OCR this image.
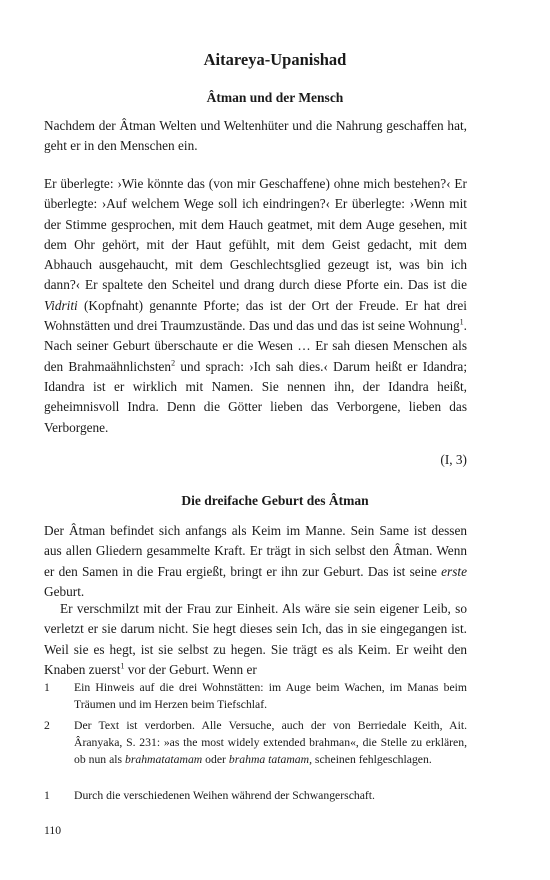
Aitareya-Upanishad
Âtman und der Mensch

Nachdem der Âtman Welten und Weltenhüter und die Nahrung geschaffen hat, geht er in den Menschen ein.

Er überlegte: ›Wie könnte das (von mir Geschaffene) ohne mich bestehen?‹ Er überlegte: ›Auf welchem Wege soll ich eindringen?‹ Er überlegte: ›Wenn mit der Stimme gesprochen, mit dem Hauch geatmet, mit dem Auge gesehen, mit dem Ohr gehört, mit der Haut gefühlt, mit dem Geist gedacht, mit dem Abhauch ausgehaucht, mit dem Geschlechtsglied gezeugt ist, was bin ich dann?‹ Er spaltete den Scheitel und drang durch diese Pforte ein. Das ist die Vidriti (Kopfnaht) genannte Pforte; das ist der Ort der Freude. Er hat drei Wohnstätten und drei Traumzustände. Das und das und das ist seine Wohnung$^1$. Nach seiner Geburt überschaute er die Wesen … Er sah diesen Menschen als den Brahmaähnlichsten$^2$ und sprach: ›Ich sah dies.‹ Darum heißt er Idandra; Idandra ist er wirklich mit Namen. Sie nennen ihn, der Idandra heißt, geheimnisvoll Indra. Denn die Götter lieben das Verborgene, lieben das Verborgene.

(I, 3)
Die dreifache Geburt des Âtman

Der Âtman befindet sich anfangs als Keim im Manne. Sein Same ist dessen aus allen Gliedern gesammelte Kraft. Er trägt in sich selbst den Âtman. Wenn er den Samen in die Frau ergießt, bringt er ihn zur Geburt. Das ist seine erste Geburt.

Er verschmilzt mit der Frau zur Einheit. Als wäre sie sein eigener Leib, so verletzt er sie darum nicht. Sie hegt dieses sein Ich, das in sie eingegangen ist. Weil sie es hegt, ist sie selbst zu hegen. Sie trägt es als Keim. Er weiht den Knaben zuerst$^1$ vor der Geburt. Wenn er

1	Ein Hinweis auf die drei Wohnstätten: im Auge beim Wachen, im Manas beim Träumen und im Herzen beim Tiefschlaf.
2	Der Text ist verdorben. Alle Versuche, auch der von Berriedale Keith, Ait. Âranyaka, S. 231: »as the most widely extended brahman«, die Stelle zu erklären, ob nun als brahmatatamam oder brahma tatamam, scheinen fehlgeschlagen.
1	Durch die verschiedenen Weihen während der Schwangerschaft.
110
